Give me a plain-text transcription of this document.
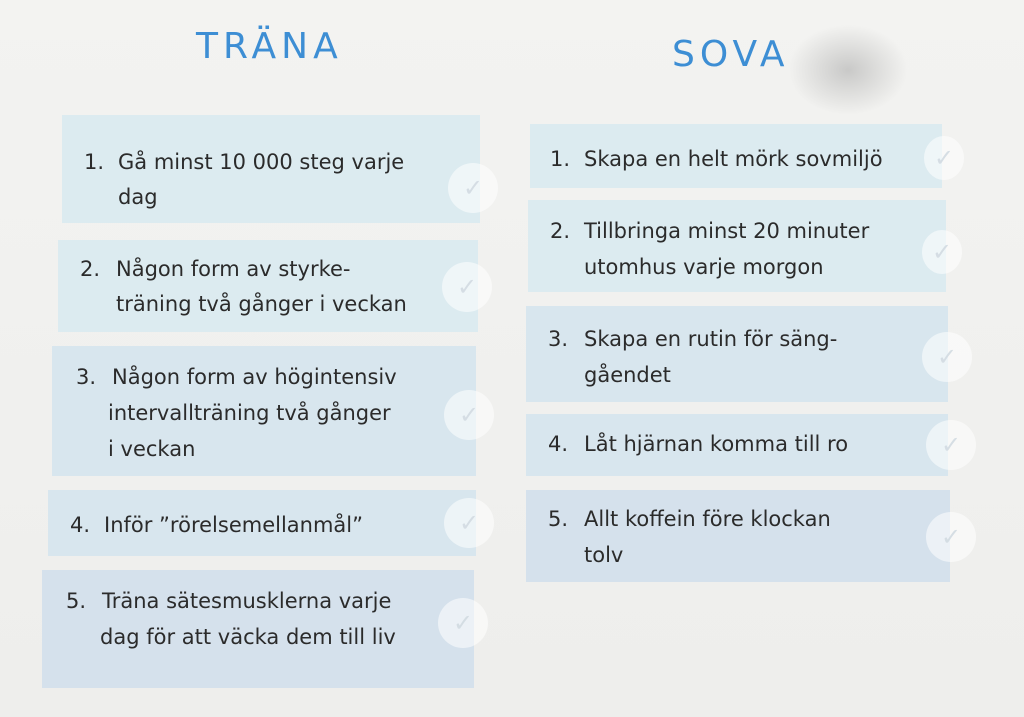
TRÄNA	SOVA
1. Gå minst 10 000 steg varje
dag	✓
2. Någon form av styrke-
träning två gånger i veckan
✓
3. Någon form av högintensiv
intervallträning två gånger
i veckan
✓
4. Inför ”rörelsemellanmål”	✓
5. Träna sätesmusklerna varje
dag för att väcka dem till liv
✓
1. Skapa en helt mörk sovmiljö	✓
2. Tillbringa minst 20 minuter
utomhus varje morgon
✓
3. Skapa en rutin för säng-
gåendet
✓
4. Låt hjärnan komma till ro	✓
5. Allt koffein före klockan
tolv
✓
